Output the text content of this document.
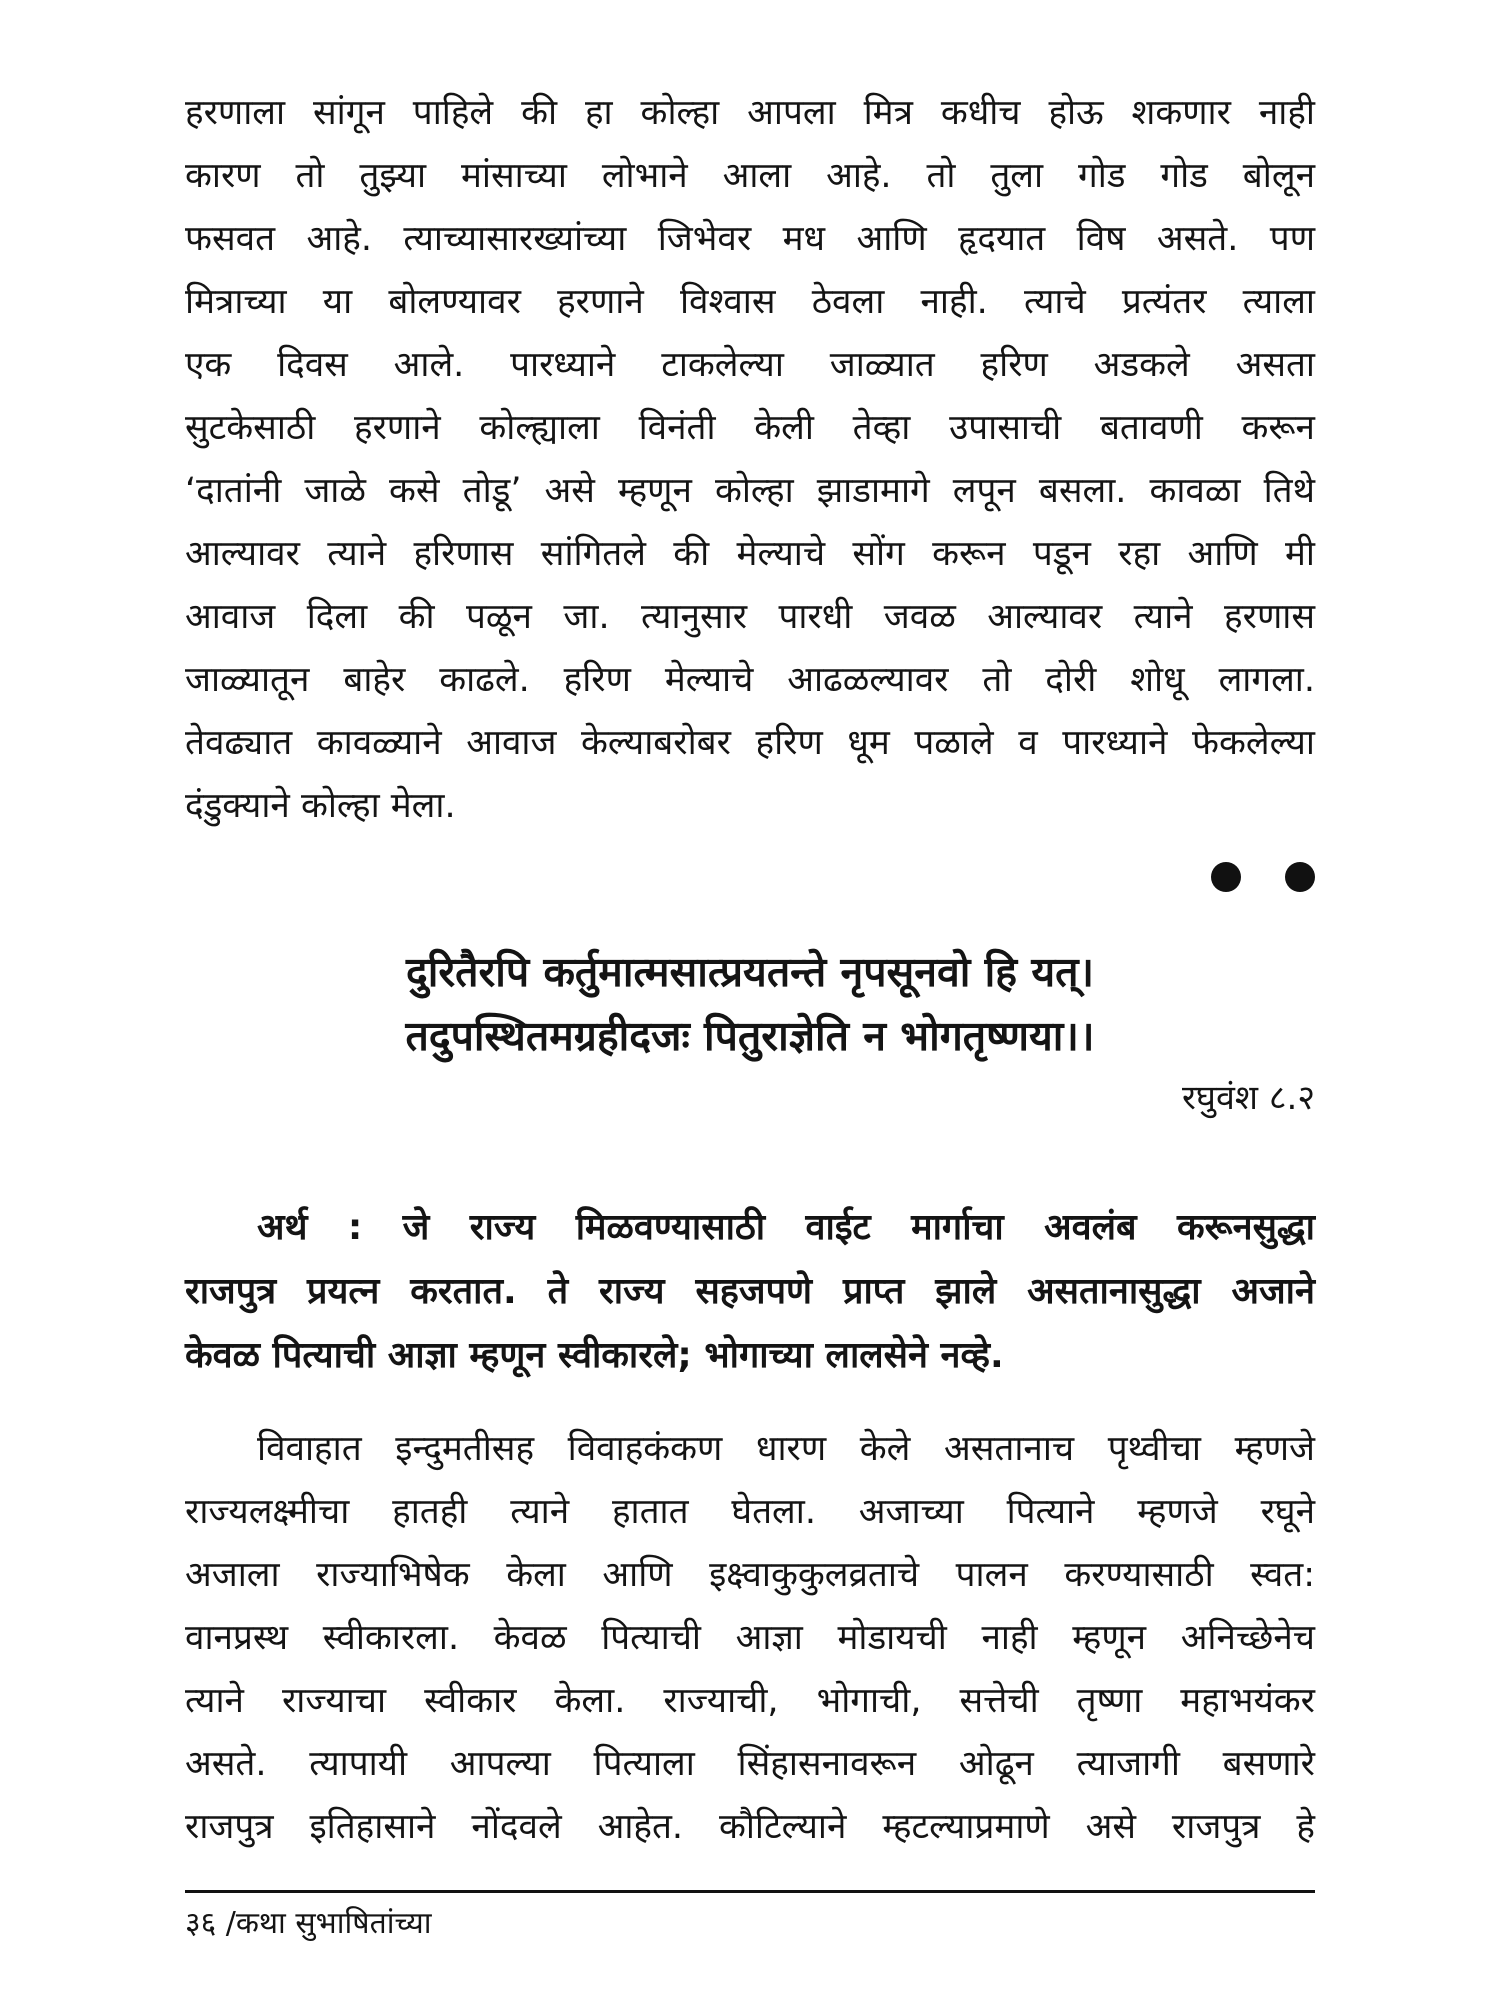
हरणाला सांगून पाहिले की हा कोल्हा आपला मित्र कधीच होऊ शकणार नाही
कारण तो तुझ्या मांसाच्या लोभाने आला आहे. तो तुला गोड गोड बोलून
फसवत आहे. त्याच्यासारख्यांच्या जिभेवर मध आणि हृदयात विष असते. पण
मित्राच्या या बोलण्यावर हरणाने विश्वास ठेवला नाही. त्याचे प्रत्यंतर त्याला
एक दिवस आले. पारध्याने टाकलेल्या जाळ्यात हरिण अडकले असता
सुटकेसाठी हरणाने कोल्ह्याला विनंती केली तेव्हा उपासाची बतावणी करून
‘दातांनी जाळे कसे तोडू’ असे म्हणून कोल्हा झाडामागे लपून बसला. कावळा तिथे
आल्यावर त्याने हरिणास सांगितले की मेल्याचे सोंग करून पडून रहा आणि मी
आवाज दिला की पळून जा. त्यानुसार पारधी जवळ आल्यावर त्याने हरणास
जाळ्यातून बाहेर काढले. हरिण मेल्याचे आढळल्यावर तो दोरी शोधू लागला.
तेवढ्यात कावळ्याने आवाज केल्याबरोबर हरिण धूम पळाले व पारध्याने फेकलेल्या
दंडुक्याने कोल्हा मेला.

दुरितैरपि कर्तुमात्मसात्प्रयतन्ते नृपसूनवो हि यत्।
तदुपस्थितमग्रहीदजः पितुराज्ञेति न भोगतृष्णया।।
रघुवंश ८.२

अर्थ : जे राज्य मिळवण्यासाठी वाईट मार्गाचा अवलंब करूनसुद्धा
राजपुत्र प्रयत्न करतात. ते राज्य सहजपणे प्राप्त झाले असतानासुद्धा अजाने
केवळ पित्याची आज्ञा म्हणून स्वीकारले; भोगाच्या लालसेने नव्हे.

विवाहात इन्दुमतीसह विवाहकंकण धारण केले असतानाच पृथ्वीचा म्हणजे
राज्यलक्ष्मीचा हातही त्याने हातात घेतला. अजाच्या पित्याने म्हणजे रघूने
अजाला राज्याभिषेक केला आणि इक्ष्वाकुकुलव्रताचे पालन करण्यासाठी स्वत:
वानप्रस्थ स्वीकारला. केवळ पित्याची आज्ञा मोडायची नाही म्हणून अनिच्छेनेच
त्याने राज्याचा स्वीकार केला. राज्याची, भोगाची, सत्तेची तृष्णा महाभयंकर
असते. त्यापायी आपल्या पित्याला सिंहासनावरून ओढून त्याजागी बसणारे
राजपुत्र इतिहासाने नोंदवले आहेत. कौटिल्याने म्हटल्याप्रमाणे असे राजपुत्र हे

३६ /कथा सुभाषितांच्या
